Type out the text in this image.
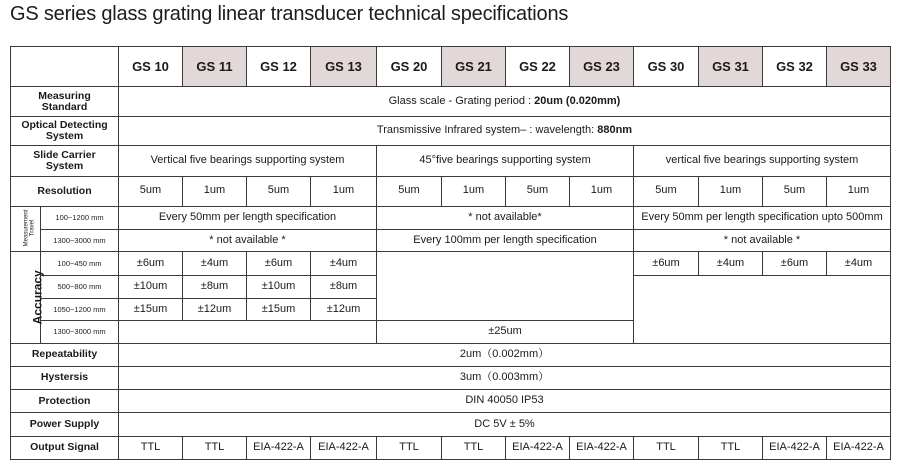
GS series glass grating linear transducer technical specifications
		GS 10	GS 11	GS 12	GS 13	GS 20	GS 21	GS 22	GS 23	GS 30	GS 31	GS 32	GS 33

Measuring
Standard		Glass scale - Grating period : 20um (0.020mm)											

Optical Detecting
System		Transmissive Infrared system– : wavelength: 880nm											

Slide Carrier
System		Vertical five bearings supporting system				45°five bearings supporting system				vertical five bearings supporting system			
Resolution		5um	1um	5um	1um	5um	1um	5um	1um	5um	1um	5um	1um

Measurement Travel	100~1200 mm	Every 50mm per length specification				* not available*				Every 50mm per length specification upto 500mm			
	1300~3000 mm	* not available *				Every 100mm per length specification				* not available *			
Accuracy	100~450 mm	±6um	±4um	±6um	±4um					±6um	±4um	±6um	±4um
	500~800 mm	±10um	±8um	±10um	±8um								
	1050~1200 mm	±15um	±12um	±15um	±12um								
	1300~3000 mm					±25um							
Repeatability		2um（0.002mm）											
Hystersis		3um（0.003mm）											
Protection		DIN 40050 IP53											
Power Supply		DC 5V ± 5%											
Output Signal		TTL	TTL	EIA-422-A	EIA-422-A	TTL	TTL	EIA-422-A	EIA-422-A	TTL	TTL	EIA-422-A	EIA-422-A
